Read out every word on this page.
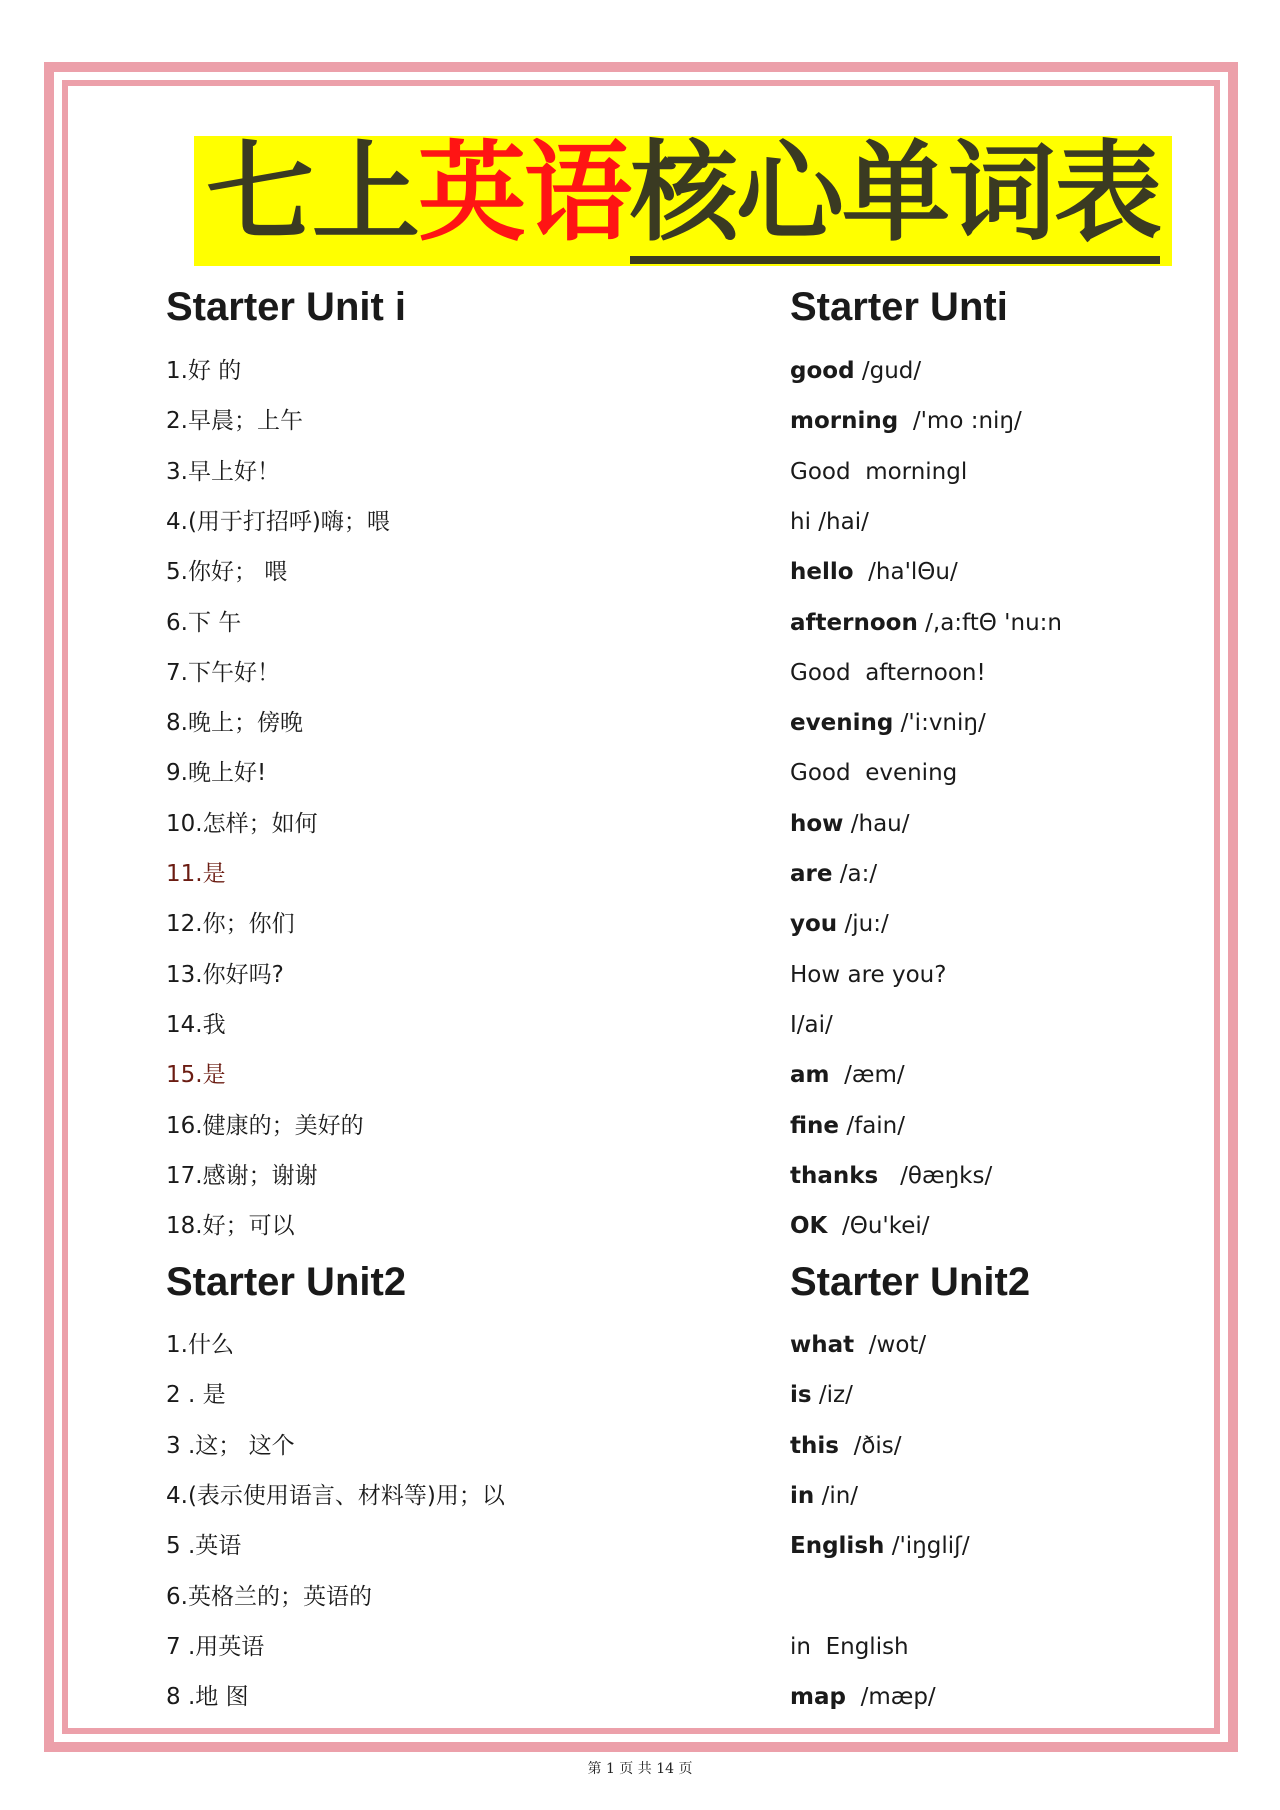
七上英语核心单词表
Starter Unit i	Starter Unti
1.好 的
2.早晨；上午
3.早上好！
4.(用于打招呼)嗨；喂
5.你好； 喂
6.下 午
7.下午好！
8.晚上；傍晚
9.晚上好!
10.怎样；如何
11.是
12.你；你们
13.你好吗?
14.我
15.是
16.健康的；美好的
17.感谢；谢谢
18.好；可以
good /gud/
morning  /'mo :niŋ/
Good  morningl
hi /hai/
hello  /ha'lΘu/
afternoon /,a:ftΘ 'nu:n
Good  afternoon!
evening /'i:vniŋ/
Good  evening
how /hau/
are /a:/
you /ju:/
How are you?
I/ai/
am  /æm/
fine /fain/
thanks   /θæŋks/
OK  /Θu'kei/
Starter Unit2	Starter Unit2
1.什么
2 . 是
3 .这； 这个
4.(表示使用语言、材料等)用；以
5 .英语
6.英格兰的；英语的
7 .用英语
8 .地 图
what  /wot/
is /iz/
this  /ðis/
in /in/
English /'iŋgliʃ/
in  English
map  /mæp/
第 1 页 共 14 页
